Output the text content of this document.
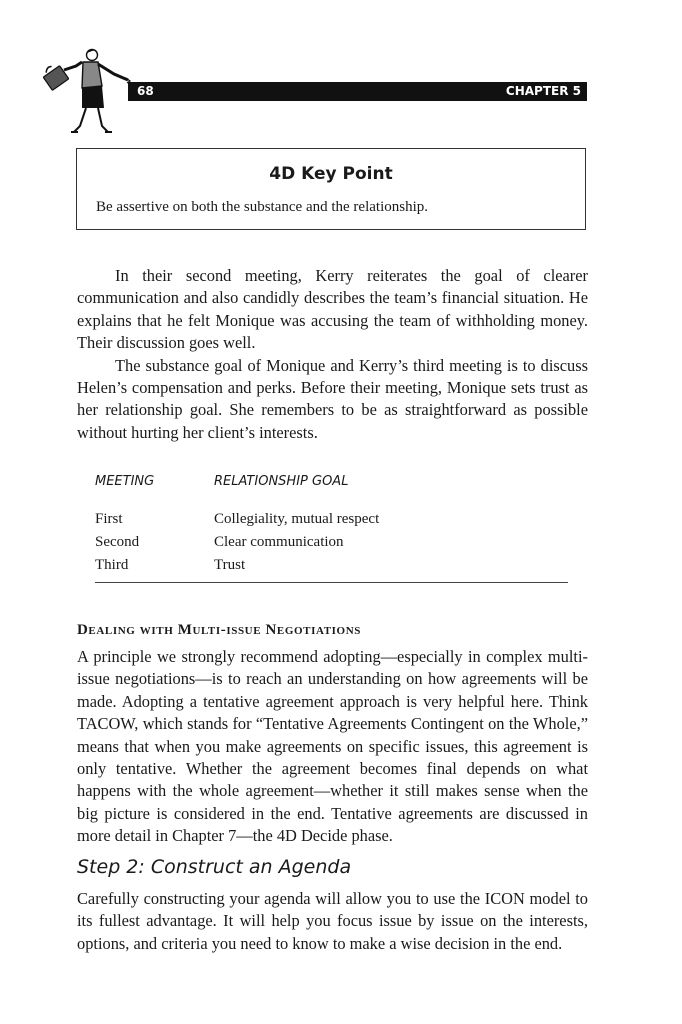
68	CHAPTER 5
4D Key Point
Be assertive on both the substance and the relationship.

In their second meeting, Kerry reiterates the goal of clearer communication and also candidly describes the team’s financial situation. He explains that he felt Monique was accusing the team of withholding money. Their discussion goes well.

The substance goal of Monique and Kerry’s third meeting is to discuss Helen’s compensation and perks. Before their meeting, Monique sets trust as her relationship goal. She remembers to be as straightforward as possible without hurting her client’s interests.

MEETING	RELATIONSHIP GOAL
First	Collegiality, mutual respect
Second	Clear communication
Third	Trust
Dealing with Multi-issue Negotiations

A principle we strongly recommend adopting—especially in complex multi-issue negotiations—is to reach an understanding on how agreements will be made. Adopting a tentative agreement approach is very helpful here. Think TACOW, which stands for “Tentative Agreements Contingent on the Whole,” means that when you make agreements on specific issues, this agreement is only tentative. Whether the agreement becomes final depends on what happens with the whole agreement—whether it still makes sense when the big picture is considered in the end. Tentative agreements are discussed in more detail in Chapter 7—the 4D Decide phase.

Step 2: Construct an Agenda

Carefully constructing your agenda will allow you to use the ICON model to its fullest advantage. It will help you focus issue by issue on the interests, options, and criteria you need to know to make a wise decision in the end.
